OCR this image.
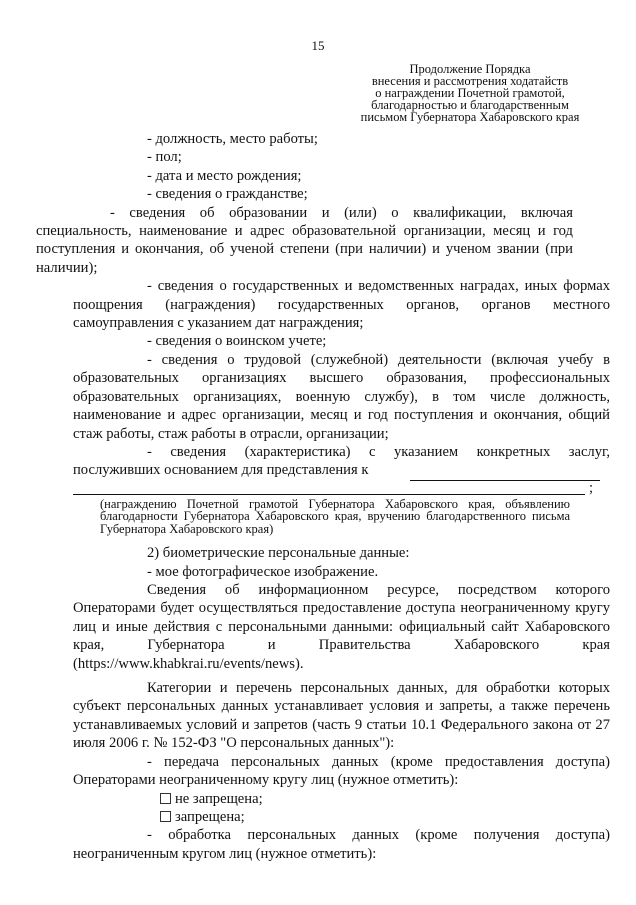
15
Продолжение Порядка
внесения и рассмотрения ходатайств
о награждении Почетной грамотой,
благодарностью и благодарственным
письмом Губернатора Хабаровского края

- должность, место работы;

- пол;

- дата и место рождения;

- сведения о гражданстве;

- сведения об образовании и (или) о квалификации, включая специальность, наименование и адрес образовательной организации, месяц и год поступления и окончания, об ученой степени (при наличии) и ученом звании (при наличии);

- сведения о государственных и ведомственных наградах, иных формах поощрения (награждения) государственных органов, органов местного самоуправления с указанием дат награждения;

- сведения о воинском учете;

- сведения о трудовой (служебной) деятельности (включая учебу в образовательных организациях высшего образования, профессиональных образовательных организациях, военную службу), в том числе должность, наименование и адрес организации, месяц и год поступления и окончания, общий стаж работы, стаж работы в отрасли, организации;

- сведения (характеристика) с указанием конкретных заслуг, послуживших основанием для представления к

;

(награждению Почетной грамотой Губернатора Хабаровского края, объявлению благодарности Губернатора Хабаровского края, вручению благодарственного письма Губернатора Хабаровского края)

2) биометрические персональные данные:

- мое фотографическое изображение.

Сведения об информационном ресурсе, посредством которого Операторами будет осуществляться предоставление доступа неограниченному кругу лиц и иные действия с персональными данными: официальный сайт Хабаровского края, Губернатора и Правительства Хабаровского края (https://www.khabkrai.ru/events/news).

Категории и перечень персональных данных, для обработки которых субъект персональных данных устанавливает условия и запреты, а также перечень устанавливаемых условий и запретов (часть 9 статьи 10.1 Федерального закона от 27 июля 2006 г. № 152-ФЗ "О персональных данных"):

- передача персональных данных (кроме предоставления доступа) Операторами неограниченному кругу лиц (нужное отметить):

не запрещена;

запрещена;

- обработка персональных данных (кроме получения доступа) неограниченным кругом лиц (нужное отметить):
